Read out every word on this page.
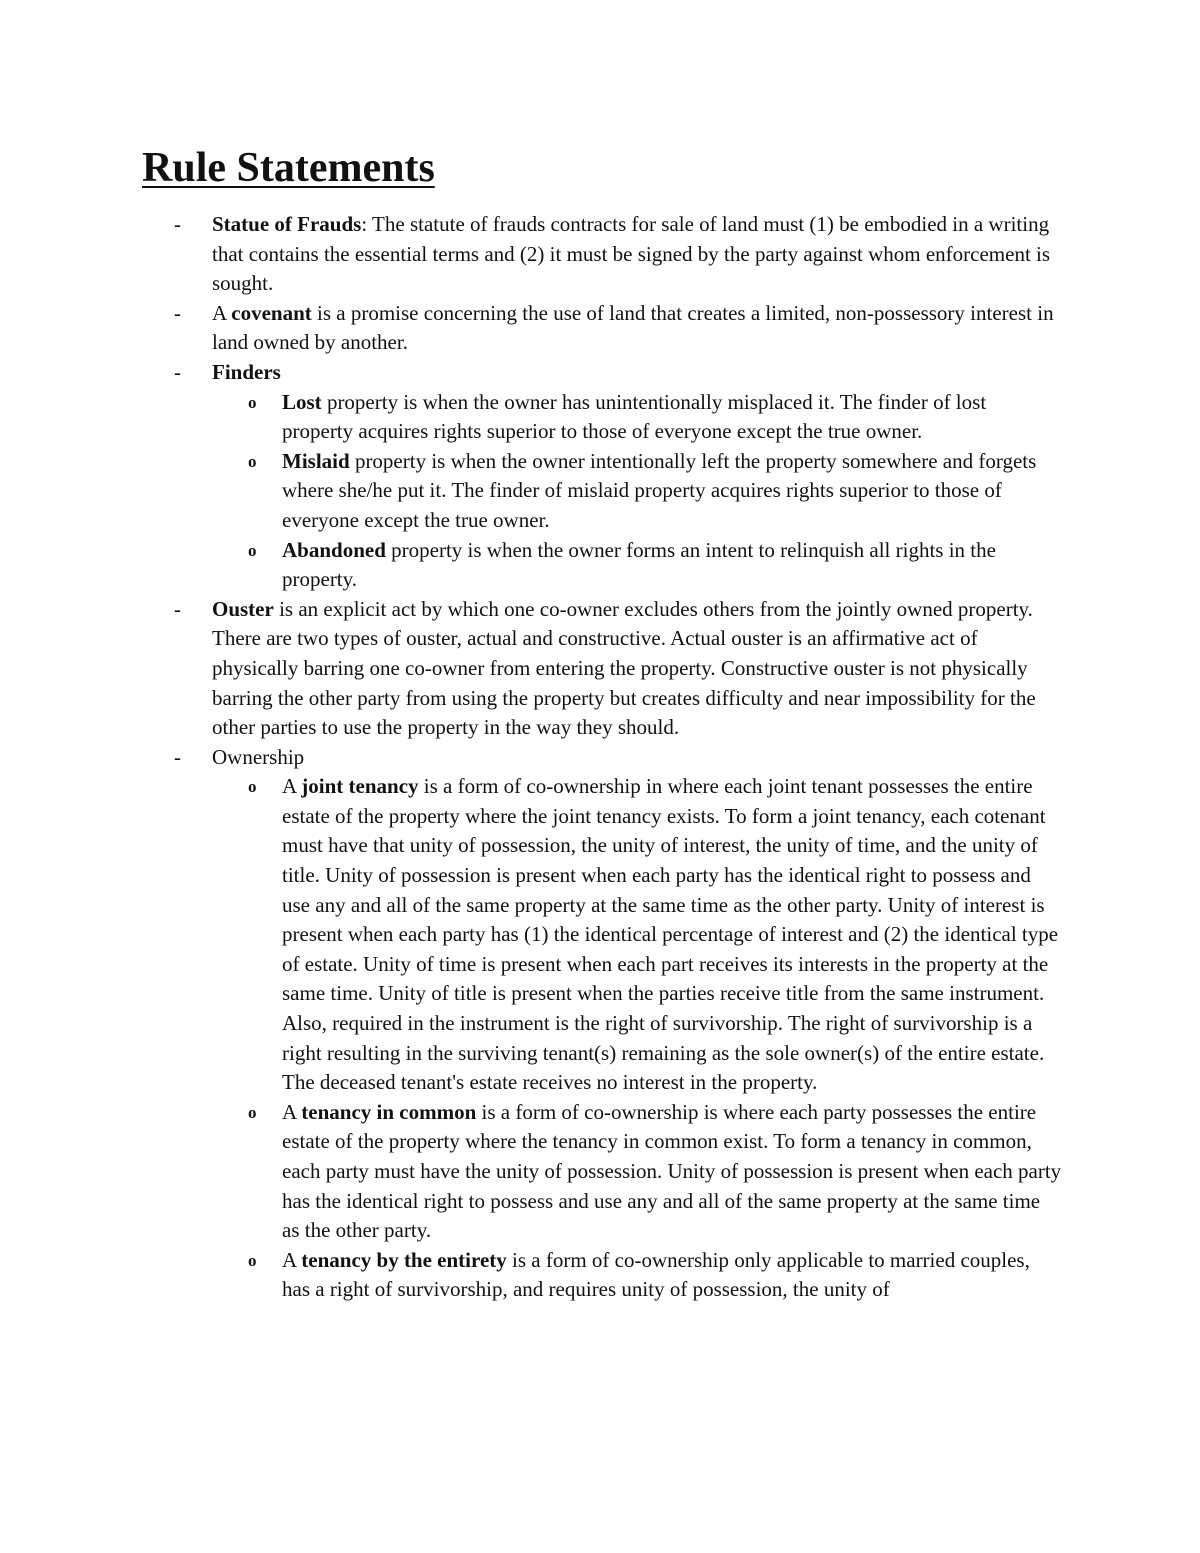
Rule Statements
- Statue of Frauds: The statute of frauds contracts for sale of land must (1) be embodied in a writing that contains the essential terms and (2) it must be signed by the party against whom enforcement is sought.
- A covenant is a promise concerning the use of land that creates a limited, non-possessory interest in land owned by another.
- Finders
o Lost property is when the owner has unintentionally misplaced it. The finder of lost property acquires rights superior to those of everyone except the true owner.
o Mislaid property is when the owner intentionally left the property somewhere and forgets where she/he put it. The finder of mislaid property acquires rights superior to those of everyone except the true owner.
o Abandoned property is when the owner forms an intent to relinquish all rights in the property.
- Ouster is an explicit act by which one co-owner excludes others from the jointly owned property. There are two types of ouster, actual and constructive. Actual ouster is an affirmative act of physically barring one co-owner from entering the property. Constructive ouster is not physically barring the other party from using the property but creates difficulty and near impossibility for the other parties to use the property in the way they should.
- Ownership
o A joint tenancy is a form of co-ownership in where each joint tenant possesses the entire estate of the property where the joint tenancy exists. To form a joint tenancy, each cotenant must have that unity of possession, the unity of interest, the unity of time, and the unity of title. Unity of possession is present when each party has the identical right to possess and use any and all of the same property at the same time as the other party. Unity of interest is present when each party has (1) the identical percentage of interest and (2) the identical type of estate. Unity of time is present when each part receives its interests in the property at the same time. Unity of title is present when the parties receive title from the same instrument. Also, required in the instrument is the right of survivorship. The right of survivorship is a right resulting in the surviving tenant(s) remaining as the sole owner(s) of the entire estate. The deceased tenant's estate receives no interest in the property.
o A tenancy in common is a form of co-ownership is where each party possesses the entire estate of the property where the tenancy in common exist. To form a tenancy in common, each party must have the unity of possession. Unity of possession is present when each party has the identical right to possess and use any and all of the same property at the same time as the other party.
o A tenancy by the entirety is a form of co-ownership only applicable to married couples, has a right of survivorship, and requires unity of possession, the unity of
